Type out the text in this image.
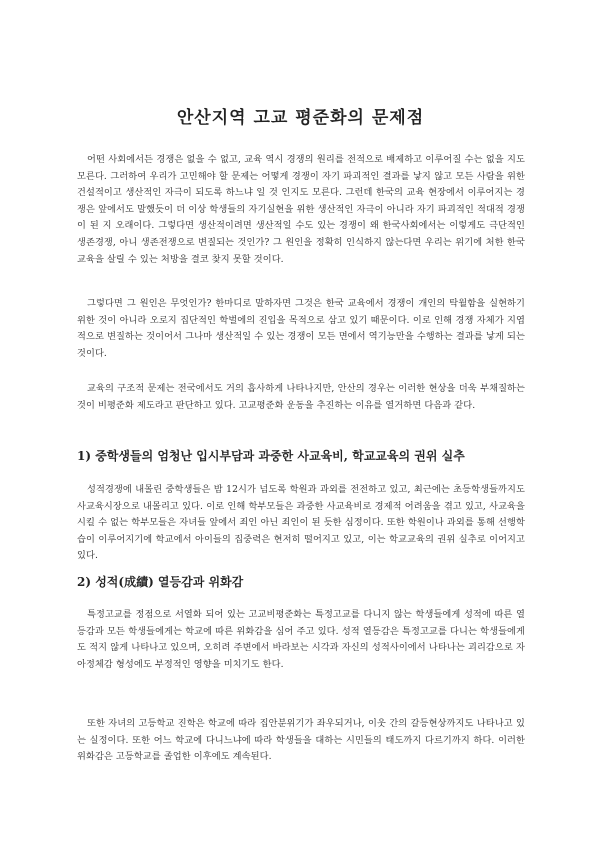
안산지역 고교 평준화의 문제점

어떤 사회에서든 경쟁은 없을 수 없고, 교육 역시 경쟁의 원리를 전적으로 배제하고 이루어질 수는 없을 지도 모른다. 그러하여 우리가 고민해야 할 문제는 어떻게 경쟁이 자기 파괴적인 결과를 낳지 않고 모든 사람을 위한 건설적이고 생산적인 자극이 되도록 하느냐 일 것 인지도 모른다. 그런데 한국의 교육 현장에서 이루어지는 경쟁은 앞에서도 말했듯이 더 이상 학생들의 자기실현을 위한 생산적인 자극이 아니라 자기 파괴적인 적대적 경쟁이 된 지 오래이다. 그렇다면 생산적이려면 생산적일 수도 있는 경쟁이 왜 한국사회에서는 이렇게도 극단적인 생존경쟁, 아니 생존전쟁으로 변질되는 것인가? 그 원인을 정확히 인식하지 않는다면 우리는 위기에 처한 한국교육을 살릴 수 있는 처방을 결코 찾지 못할 것이다.

그렇다면 그 원인은 무엇인가? 한마디로 말하자면 그것은 한국 교육에서 경쟁이 개인의 탁월함을 실현하기 위한 것이 아니라 오로지 집단적인 학벌에의 진입을 목적으로 삼고 있기 때문이다. 이로 인해 경쟁 자체가 지엽적으로 변질하는 것이어서 그나마 생산적일 수 있는 경쟁이 모든 면에서 역기능만을 수행하는 결과를 낳게 되는 것이다.

교육의 구조적 문제는 전국에서도 거의 흡사하게 나타나지만, 안산의 경우는 이러한 현상을 더욱 부채질하는 것이 비평준화 제도라고 판단하고 있다. 고교평준화 운동을 추진하는 이유를 열거하면 다음과 같다.

1) 중학생들의 엄청난 입시부담과 과중한 사교육비, 학교교육의 권위 실추

성적경쟁에 내몰린 중학생들은 밤 12시가 넘도록 학원과 과외를 전전하고 있고, 최근에는 초등학생들까지도 사교육시장으로 내몰리고 있다. 이로 인해 학부모들은 과중한 사교육비로 경제적 어려움을 겪고 있고, 사교육을 시킬 수 없는 학부모들은 자녀들 앞에서 죄인 아닌 죄인이 된 듯한 심정이다. 또한 학원이나 과외를 통해 선행학습이 이루어지기에 학교에서 아이들의 집중력은 현저히 떨어지고 있고, 이는 학교교육의 권위 실추로 이어지고 있다.

2) 성적(成績) 열등감과 위화감

특정고교를 정점으로 서열화 되어 있는 고교비평준화는 특정고교를 다니지 않는 학생들에게 성적에 따른 열등감과 모든 학생들에게는 학교에 따른 위화감을 심어 주고 있다. 성적 열등감은 특정고교를 다니는 학생들에게도 적지 않게 나타나고 있으며, 오히려 주변에서 바라보는 시각과 자신의 성적사이에서 나타나는 괴리감으로 자아정체감 형성에도 부정적인 영향을 미치기도 한다.

또한 자녀의 고등학교 진학은 학교에 따라 집안분위기가 좌우되거나, 이웃 간의 갈등현상까지도 나타나고 있는 실정이다. 또한 어느 학교에 다니느냐에 따라 학생들을 대하는 시민들의 태도까지 다르기까지 하다. 이러한 위화감은 고등학교를 졸업한 이후에도 계속된다.
